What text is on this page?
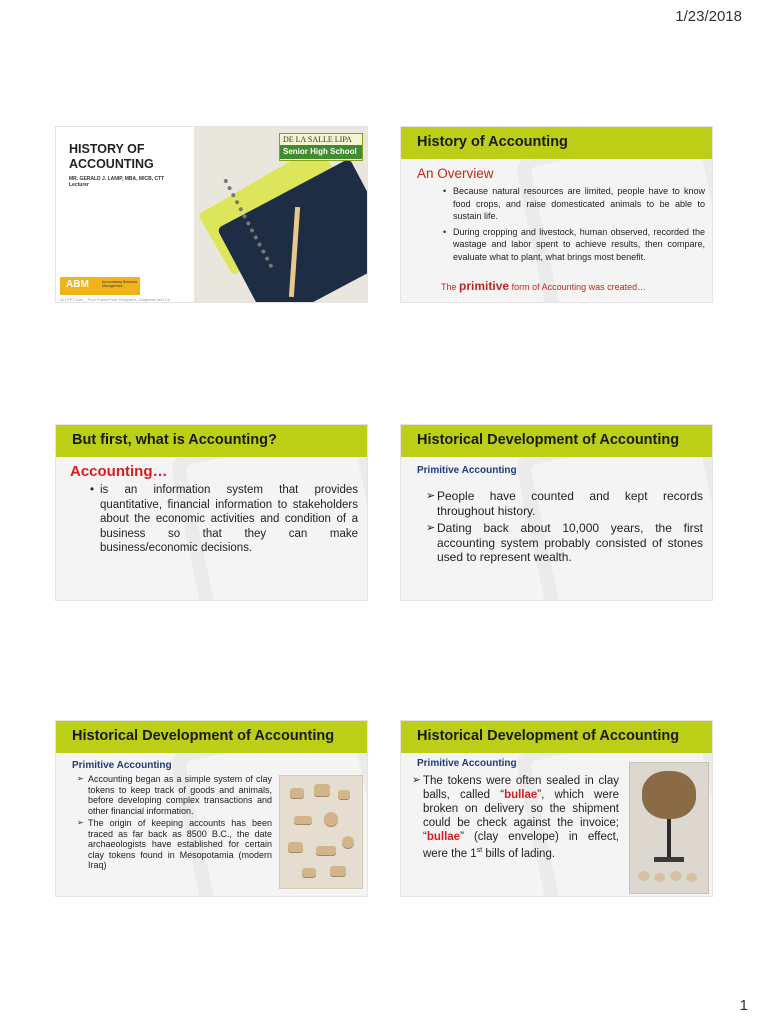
1/23/2018
HISTORY OF
ACCOUNTING
MR. GERALD J. LANIP, MBA, MICB, CTT
Lecturer
DE LA SALLE LIPA
Senior High School
ABM	Accountancy Business Management
ALLPPT.com _ Free PowerPoint Templates, Diagrams and Ch
History of Accounting
An Overview
• Because natural resources are limited, people have to know food crops, and raise domesticated animals to be able to sustain life.
• During cropping and livestock, human observed, recorded the wastage and labor spent to achieve results, then compare, evaluate what to plant, what brings most benefit.
The primitive form of Accounting was created…
But first, what is Accounting?
Accounting…
• is an information system that provides quantitative, financial information to stakeholders about the economic activities and condition of a business so that they can make business/economic decisions.
Historical Development of Accounting
Primitive Accounting
➢ People have counted and kept records throughout history.
➢ Dating back about 10,000 years, the first accounting system probably consisted of stones used to represent wealth.
Historical Development of Accounting
Primitive Accounting
➢ Accounting began as a simple system of clay tokens to keep track of goods and animals, before developing complex transactions and other financial information.
➢ The origin of keeping accounts has been traced as far back as 8500 B.C., the date archaeologists have established for certain clay tokens found in Mesopotamia (modern Iraq)
Historical Development of Accounting
Primitive Accounting
➢ The tokens were often sealed in clay balls, called “bullae”, which were broken on delivery so the shipment could be check against the invoice; “bullae” (clay envelope) in effect, were the 1st bills of lading.
1
